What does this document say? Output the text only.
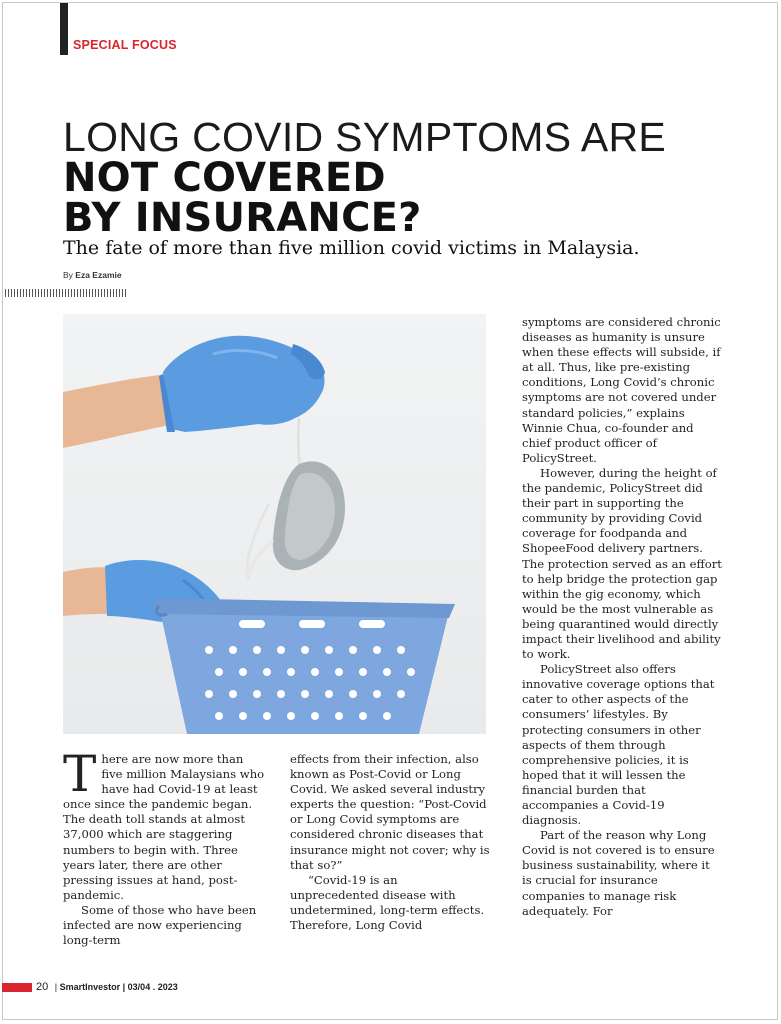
SPECIAL FOCUS
LONG COVID SYMPTOMS ARE
NOT COVERED
BY INSURANCE?
The fate of more than five million covid victims in Malaysia.
By Eza Ezamie

There are now more than five million Malaysians who have had Covid-19 at least once since the pandemic began. The death toll stands at almost 37,000 which are staggering numbers to begin with. Three years later, there are other pressing issues at hand, post-pandemic.

Some of those who have been infected are now experiencing long-term

effects from their infection, also known as Post-Covid or Long Covid. We asked several industry experts the question: “Post-Covid or Long Covid symptoms are considered chronic diseases that insurance might not cover; why is that so?”

“Covid-19 is an unprecedented disease with undetermined, long-term effects. Therefore, Long Covid

symptoms are considered chronic diseases as humanity is unsure when these effects will subside, if at all. Thus, like pre-existing conditions, Long Covid’s chronic symptoms are not covered under standard policies,” explains Winnie Chua, co-founder and chief product officer of PolicyStreet.

However, during the height of the pandemic, PolicyStreet did their part in supporting the community by providing Covid coverage for foodpanda and ShopeeFood delivery partners. The protection served as an effort to help bridge the protection gap within the gig economy, which would be the most vulnerable as being quarantined would directly impact their livelihood and ability to work.

PolicyStreet also offers innovative coverage options that cater to other aspects of the consumers’ lifestyles. By protecting consumers in other aspects of them through comprehensive policies, it is hoped that it will lessen the financial burden that accompanies a Covid-19 diagnosis.

Part of the reason why Long Covid is not covered is to ensure business sustainability, where it is crucial for insurance companies to manage risk adequately. For

20 | SmartInvestor | 03/04 . 2023
